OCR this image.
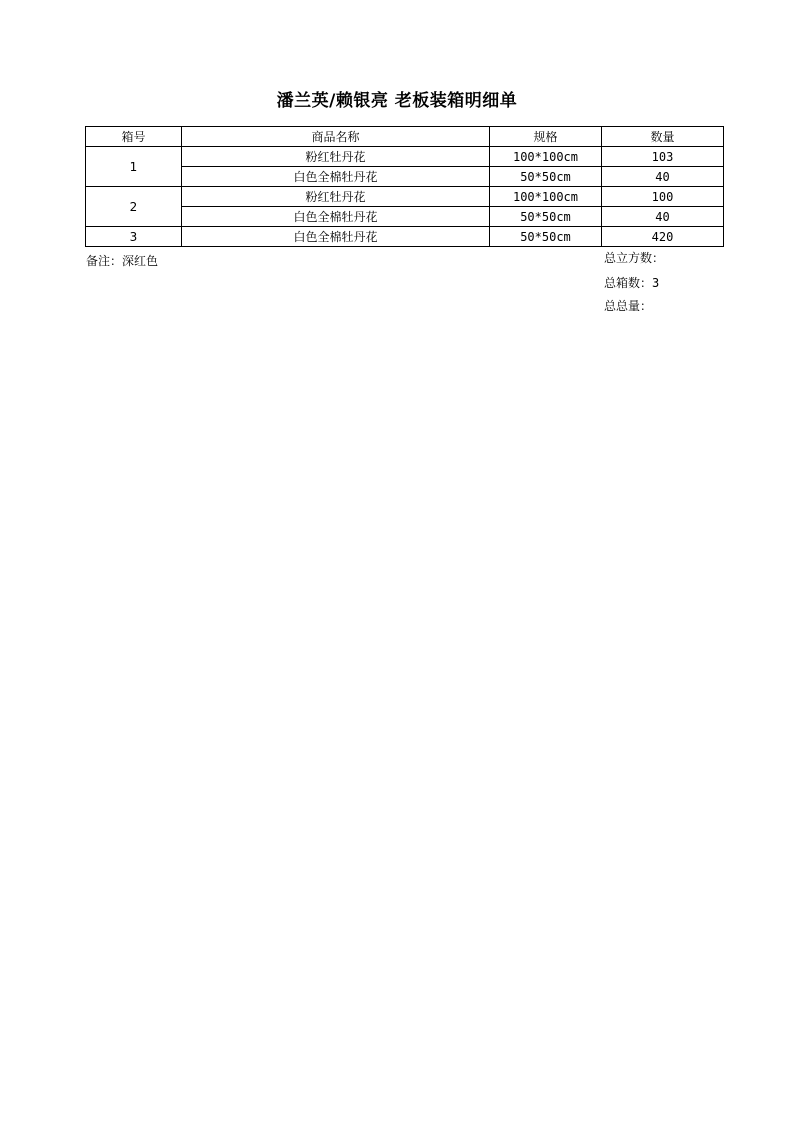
潘兰英/赖银亮 老板装箱明细单
箱号	商品名称	规格	数量
1	粉红牡丹花	100*100cm	103
	白色全棉牡丹花	50*50cm	40
2	粉红牡丹花	100*100cm	100
	白色全棉牡丹花	50*50cm	40
3	白色全棉牡丹花	50*50cm	420
备注：深红色	总立方数：
总箱数：3
总总量：
